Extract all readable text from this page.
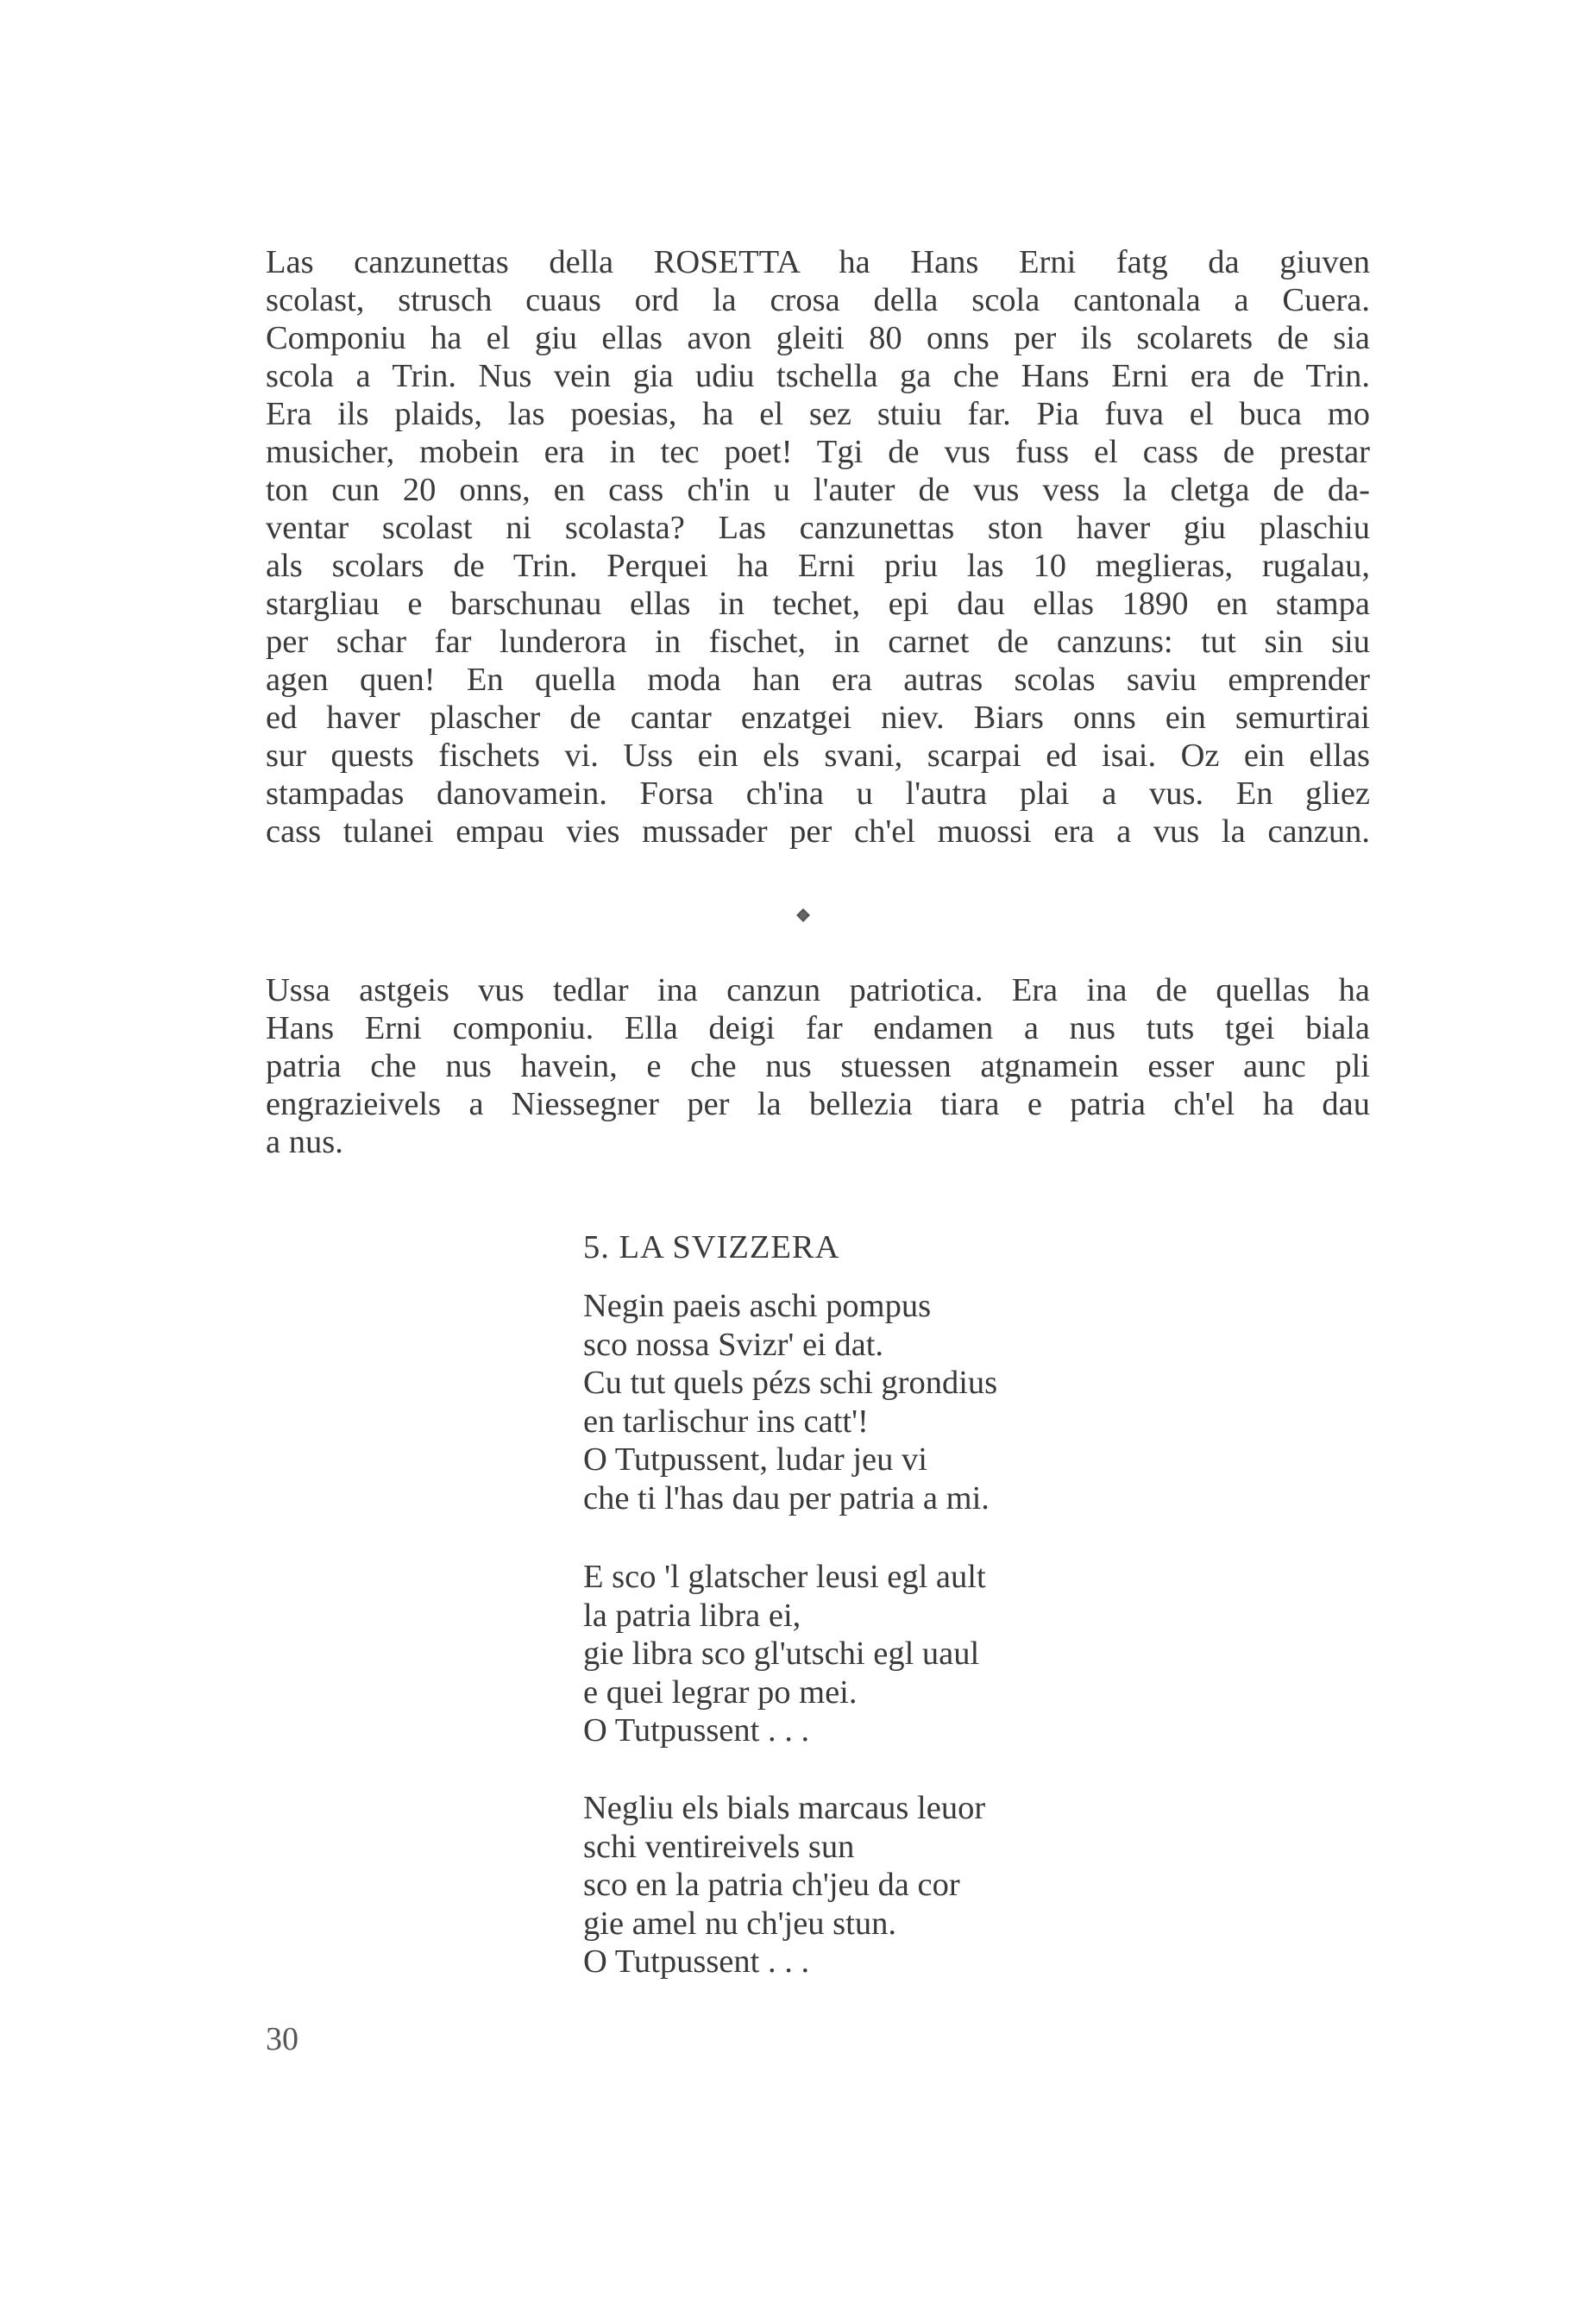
Las canzunettas della ROSETTA ha Hans Erni fatg da giuven
scolast, strusch cuaus ord la crosa della scola cantonala a Cuera.
Componiu ha el giu ellas avon gleiti 80 onns per ils scolarets de sia
scola a Trin. Nus vein gia udiu tschella ga che Hans Erni era de Trin.
Era ils plaids, las poesias, ha el sez stuiu far. Pia fuva el buca mo
musicher, mobein era in tec poet! Tgi de vus fuss el cass de prestar
ton cun 20 onns, en cass ch'in u l'auter de vus vess la cletga de da-
ventar scolast ni scolasta? Las canzunettas ston haver giu plaschiu
als scolars de Trin. Perquei ha Erni priu las 10 meglieras, rugalau,
stargliau e barschunau ellas in techet, epi dau ellas 1890 en stampa
per schar far lunderora in fischet, in carnet de canzuns: tut sin siu
agen quen! En quella moda han era autras scolas saviu emprender
ed haver plascher de cantar enzatgei niev. Biars onns ein semurtirai
sur quests fischets vi. Uss ein els svani, scarpai ed isai. Oz ein ellas
stampadas danovamein. Forsa ch'ina u l'autra plai a vus. En gliez
cass tulanei empau vies mussader per ch'el muossi era a vus la canzun.
Ussa astgeis vus tedlar ina canzun patriotica. Era ina de quellas ha
Hans Erni componiu. Ella deigi far endamen a nus tuts tgei biala
patria che nus havein, e che nus stuessen atgnamein esser aunc pli
engrazieivels a Niessegner per la bellezia tiara e patria ch'el ha dau
a nus.
5. LA SVIZZERA
Negin paeis aschi pompus
sco nossa Svizr' ei dat.
Cu tut quels pézs schi grondius
en tarlischur ins catt'!
O Tutpussent, ludar jeu vi
che ti l'has dau per patria a mi.
E sco 'l glatscher leusi egl ault
la patria libra ei,
gie libra sco gl'utschi egl uaul
e quei legrar po mei.
O Tutpussent . . .
Negliu els bials marcaus leuor
schi ventireivels sun
sco en la patria ch'jeu da cor
gie amel nu ch'jeu stun.
O Tutpussent . . .
30
